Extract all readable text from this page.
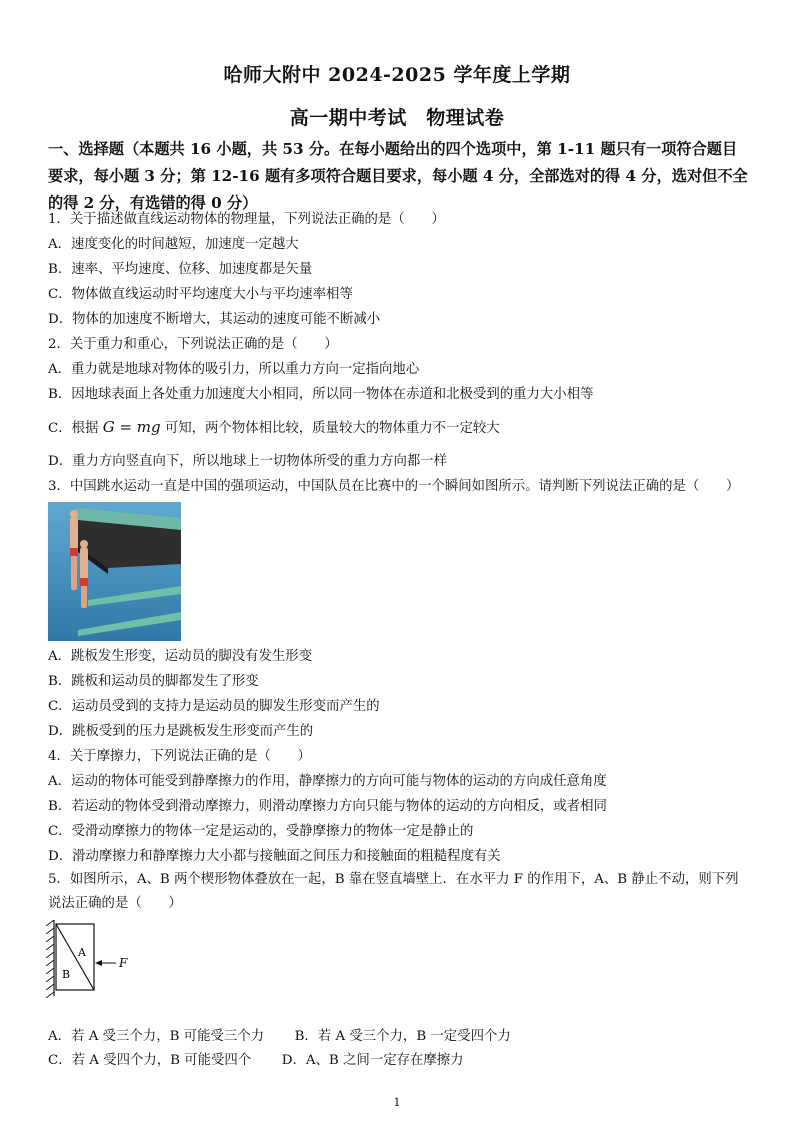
哈师大附中 2024-2025 学年度上学期
高一期中考试　物理试卷
一、选择题（本题共 16 小题，共 53 分。在每小题给出的四个选项中，第 1-11 题只有一项符合题目要求，每小题 3 分；第 12-16 题有多项符合题目要求，每小题 4 分，全部选对的得 4 分，选对但不全的得 2 分，有选错的得 0 分）
1．关于描述做直线运动物体的物理量，下列说法正确的是（　　）
A．速度变化的时间越短，加速度一定越大
B．速率、平均速度、位移、加速度都是矢量
C．物体做直线运动时平均速度大小与平均速率相等
D．物体的加速度不断增大，其运动的速度可能不断减小
2．关于重力和重心，下列说法正确的是（　　）
A．重力就是地球对物体的吸引力，所以重力方向一定指向地心
B．因地球表面上各处重力加速度大小相同，所以同一物体在赤道和北极受到的重力大小相等
C．根据 G = mg 可知，两个物体相比较，质量较大的物体重力不一定较大
D．重力方向竖直向下，所以地球上一切物体所受的重力方向都一样
3．中国跳水运动一直是中国的强项运动，中国队员在比赛中的一个瞬间如图所示。请判断下列说法正确的是（　　）
A．跳板发生形变，运动员的脚没有发生形变
B．跳板和运动员的脚都发生了形变
C．运动员受到的支持力是运动员的脚发生形变而产生的
D．跳板受到的压力是跳板发生形变而产生的
4．关于摩擦力，下列说法正确的是（　　）
A．运动的物体可能受到静摩擦力的作用，静摩擦力的方向可能与物体的运动的方向成任意角度
B．若运动的物体受到滑动摩擦力，则滑动摩擦力方向只能与物体的运动的方向相反，或者相同
C．受滑动摩擦力的物体一定是运动的，受静摩擦力的物体一定是静止的
D．滑动摩擦力和静摩擦力大小都与接触面之间压力和接触面的粗糙程度有关
5．如图所示，A、B 两个楔形物体叠放在一起，B 靠在竖直墙壁上．在水平力 F 的作用下，A、B 静止不动，则下列说法正确的是（　　）
A
B
F
A．若 A 受三个力，B 可能受三个力 B．若 A 受三个力，B 一定受四个力
C．若 A 受四个力，B 可能受四个 D．A、B 之间一定存在摩擦力
1
